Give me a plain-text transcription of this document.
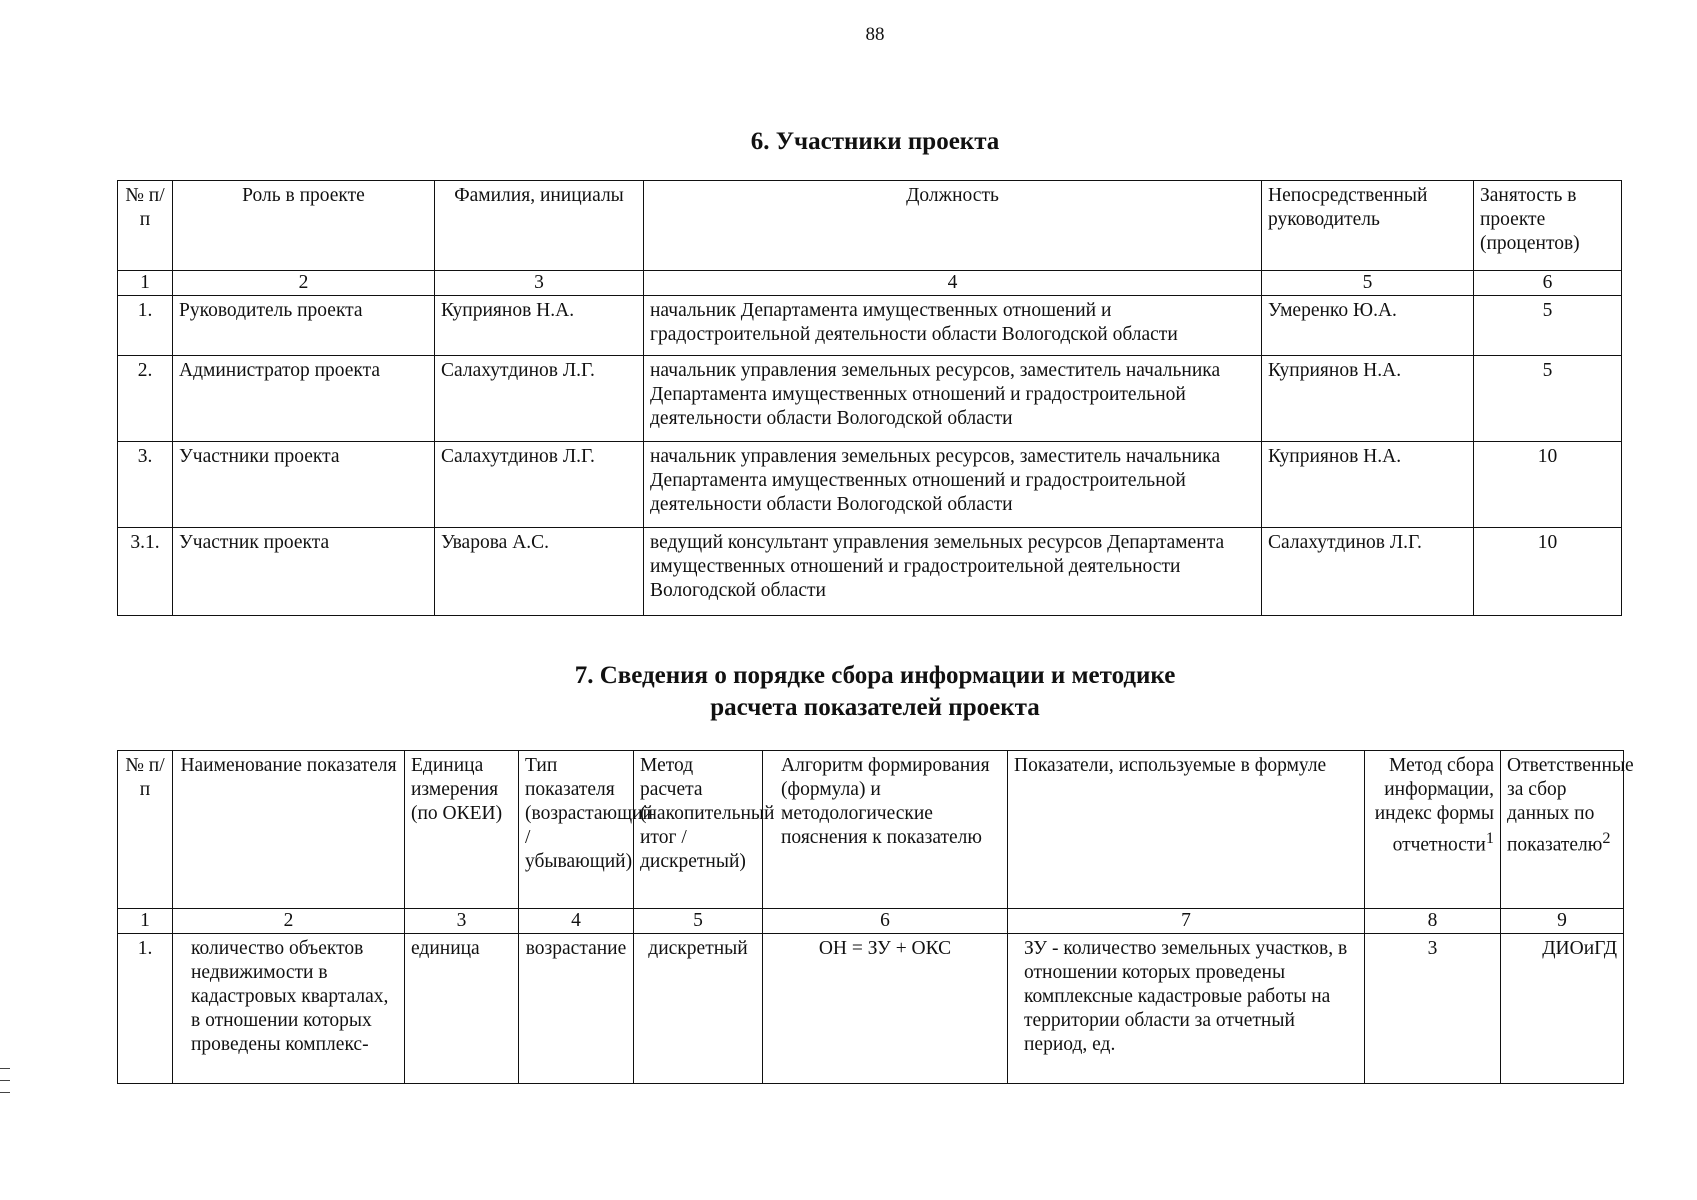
88
6. Участники проекта
№ п/п	Роль в проекте	Фамилия, инициалы	Должность	Непосредственный руководитель	Занятость в проекте (процентов)
1	2	3	4	5	6
1.	Руководитель проекта	Куприянов Н.А.	начальник Департамента имущественных отношений и градостроительной деятельности области Вологодской области	Умеренко Ю.А.	5
2.	Администратор проекта	Салахутдинов Л.Г.	начальник управления земельных ресурсов, заместитель начальника Департамента имущественных отношений и градостроительной деятельности области Вологодской области	Куприянов Н.А.	5
3.	Участники проекта	Салахутдинов Л.Г.	начальник управления земельных ресурсов, заместитель начальника Департамента имущественных отношений и градостроительной деятельности области Вологодской области	Куприянов Н.А.	10
3.1.	Участник проекта	Уварова А.С.	ведущий консультант управления земельных ресурсов Департамента имущественных отношений и градостроительной деятельности Вологодской области	Салахутдинов Л.Г.	10
7. Сведения о порядке сбора информации и методике
расчета показателей проекта
№ п/п	Наименование показателя	Единица измерения (по ОКЕИ)	Тип показателя (возрастающий / убывающий)	Метод расчета (накопительный итог / дискретный)	Алгоритм формирования (формула) и методологические пояснения к показателю	Показатели, используемые в формуле	Метод сбора информации, индекс формы отчетности$^1$	Ответственные за сбор данных по показателю$^2$
1	2	3	4	5	6	7	8	9
1.	количество объектов недвижимости в кадастровых кварталах, в отношении которых проведены комплекс-	единица	возрастание	дискретный	ОН = ЗУ + ОКС	ЗУ - количество земельных участков, в отношении которых проведены комплексные кадастровые работы на территории области за отчетный период, ед.	3	ДИОиГД
